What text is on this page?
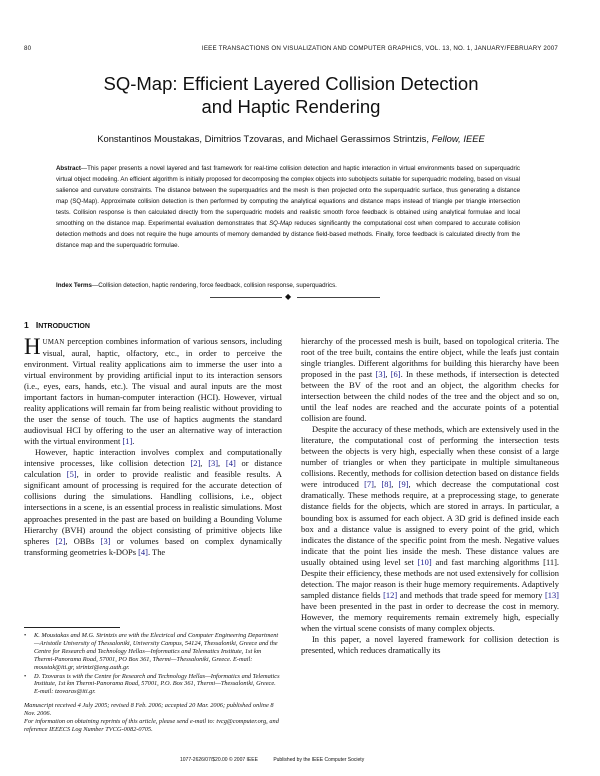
80	IEEE TRANSACTIONS ON VISUALIZATION AND COMPUTER GRAPHICS, VOL. 13, NO. 1, JANUARY/FEBRUARY 2007
SQ-Map: Efficient Layered Collision Detection
and Haptic Rendering
Konstantinos Moustakas, Dimitrios Tzovaras, and Michael Gerassimos Strintzis, Fellow, IEEE

Abstract—This paper presents a novel layered and fast framework for real-time collision detection and haptic interaction in virtual environments based on superquadric virtual object modeling. An efficient algorithm is initially proposed for decomposing the complex objects into subobjects suitable for superquadric modeling, based on visual salience and curvature constraints. The distance between the superquadrics and the mesh is then projected onto the superquadric surface, thus generating a distance map (SQ-Map). Approximate collision detection is then performed by computing the analytical equations and distance maps instead of triangle per triangle intersection tests. Collision response is then calculated directly from the superquadric models and realistic smooth force feedback is obtained using analytical formulae and local smoothing on the distance map. Experimental evaluation demonstrates that SQ-Map reduces significantly the computational cost when compared to accurate collision detection methods and does not require the huge amounts of memory demanded by distance field-based methods. Finally, force feedback is calculated directly from the distance map and the superquadric formulae.

Index Terms—Collision detection, haptic rendering, force feedback, collision response, superquadrics.

◆
1 INTRODUCTION

HUMAN perception combines information of various sensors, including visual, aural, haptic, olfactory, etc., in order to perceive the environment. Virtual reality applications aim to immerse the user into a virtual environment by providing artificial input to its interaction sensors (i.e., eyes, ears, hands, etc.). The visual and aural inputs are the most important factors in human-computer interaction (HCI). However, virtual reality applications will remain far from being realistic without providing to the user the sense of touch. The use of haptics augments the standard audiovisual HCI by offering to the user an alternative way of interaction with the virtual environment [1].

However, haptic interaction involves complex and computationally intensive processes, like collision detection [2], [3], [4] or distance calculation [5], in order to provide realistic and feasible results. A significant amount of processing is required for the accurate detection of collisions during the simulations. Handling collisions, i.e., object intersections in a scene, is an essential process in realistic simulations. Most approaches presented in the past are based on building a Bounding Volume Hierarchy (BVH) around the object consisting of primitive objects like spheres [2], OBBs [3] or volumes based on complex dynamically transforming geometries k-DOPs [4]. The

• K. Moustakas and M.G. Strintzis are with the Electrical and Computer Engineering Department—Aristotle University of Thessaloniki, University Campus, 54124, Thessaloniki, Greece and the Centre for Research and Technology Hellas—Informatics and Telematics Institute, 1st km Thermi-Panorama Road, 57001, PO Box 361, Thermi—Thessaloniki, Greece. E-mail: moustak@iti.gr, strintzi@eng.auth.gr.

• D. Tzovaras is with the Centre for Research and Technology Hellas—Informatics and Telematics Institute, 1st km Thermi-Panorama Road, 57001, P.O. Box 361, Thermi—Thessaloniki, Greece. E-mail: tzovaras@iti.gr.

Manuscript received 4 July 2005; revised 8 Feb. 2006; accepted 20 Mar. 2006; published online 8 Nov. 2006.

For information on obtaining reprints of this article, please send e-mail to: tvcg@computer.org, and reference IEEECS Log Number TVCG-0082-0705.

hierarchy of the processed mesh is built, based on topological criteria. The root of the tree built, contains the entire object, while the leafs just contain single triangles. Different algorithms for building this hierarchy have been proposed in the past [3], [6]. In these methods, if intersection is detected between the BV of the root and an object, the algorithm checks for intersection between the child nodes of the tree and the object and so on, until the leaf nodes are reached and the accurate points of a potential collision are found.

Despite the accuracy of these methods, which are extensively used in the literature, the computational cost of performing the intersection tests between the objects is very high, especially when these consist of a large number of triangles or when they participate in multiple simultaneous collisions. Recently, methods for collision detection based on distance fields were introduced [7], [8], [9], which decrease the computational cost dramatically. These methods require, at a preprocessing stage, to generate distance fields for the objects, which are stored in arrays. In particular, a bounding box is assumed for each object. A 3D grid is defined inside each box and a distance value is assigned to every point of the grid, which indicates the distance of the specific point from the mesh. Negative values indicate that the point lies inside the mesh. These distance values are usually obtained using level set [10] and fast marching algorithms [11]. Despite their efficiency, these methods are not used extensively for collision detection. The major reason is their huge memory requirements. Adaptively sampled distance fields [12] and methods that trade speed for memory [13] have been presented in the past in order to decrease the cost in memory. However, the memory requirements remain extremely high, especially when the virtual scene consists of many complex objects.

In this paper, a novel layered framework for collision detection is presented, which reduces dramatically its

1077-2626/07/$20.00 © 2007 IEEE	Published by the IEEE Computer Society
